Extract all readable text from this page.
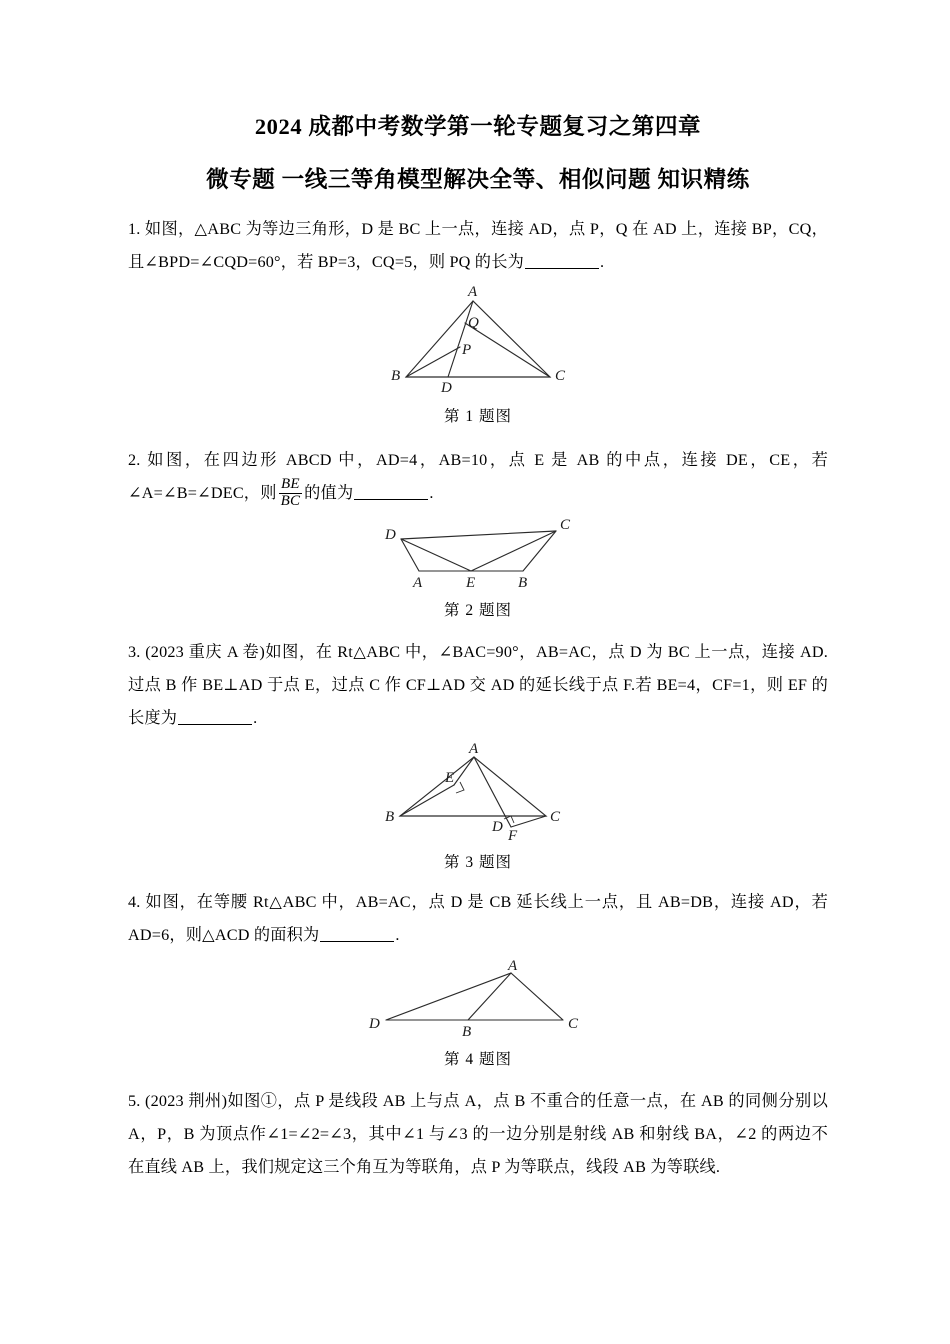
2024 成都中考数学第一轮专题复习之第四章
微专题 一线三等角模型解决全等、相似问题 知识精练
1. 如图，△ABC 为等边三角形，D 是 BC 上一点，连接 AD，点 P，Q 在 AD 上，连接 BP，CQ，且∠BPD=∠CQD=60°，若 BP=3，CQ=5，则 PQ 的长为	.
A
Q
P
B
D
C
第 1 题图
2. 如图，在四边形 ABCD 中，AD=4，AB=10，点 E 是 AB 的中点，连接 DE，CE，若∠A=∠B=∠DEC，则 $\frac{BE}{BC}$ 的值为	.
D
C
A	E	B
第 2 题图
3. (2023 重庆 A 卷)如图，在 Rt△ABC 中，∠BAC=90°，AB=AC，点 D 为 BC 上一点，连接 AD.过点 B 作 BE⊥AD 于点 E，过点 C 作 CF⊥AD 交 AD 的延长线于点 F.若 BE=4，CF=1，则 EF 的长度为	.
A
E
B
D
F
C
第 3 题图
4. 如图，在等腰 Rt△ABC 中，AB=AC，点 D 是 CB 延长线上一点，且 AB=DB，连接 AD，若 AD=6，则△ACD 的面积为	.
D	B	C
A
第 4 题图
5. (2023 荆州)如图①，点 P 是线段 AB 上与点 A，点 B 不重合的任意一点，在 AB 的同侧分别以 A，P，B 为顶点作∠1=∠2=∠3，其中∠1 与∠3 的一边分别是射线 AB 和射线 BA，∠2 的两边不在直线 AB 上，我们规定这三个角互为等联角，点 P 为等联点，线段 AB 为等联线.
